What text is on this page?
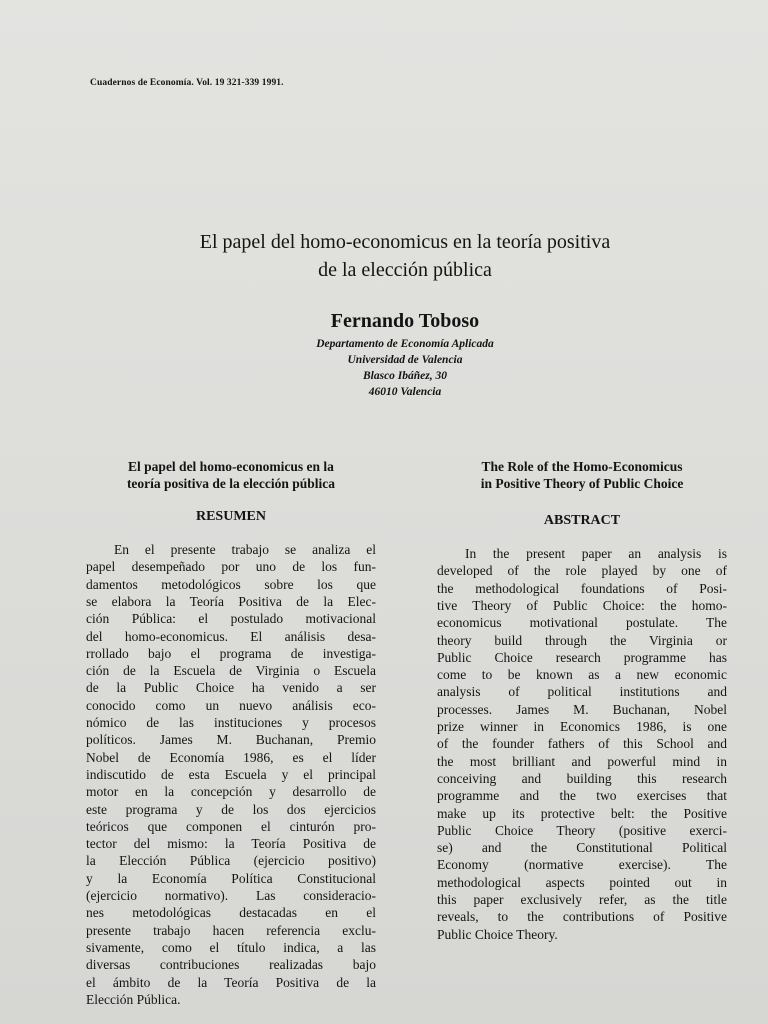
Cuadernos de Economía. Vol. 19 321-339 1991.
El papel del homo-economicus en la teoría positiva
de la elección pública
Fernando Toboso
Departamento de Economía Aplicada
Universidad de Valencia
Blasco Ibáñez, 30
46010 Valencia
El papel del homo-economicus en la
teoría positiva de la elección pública
RESUMEN
En el presente trabajo se analiza el
papel desempeñado por uno de los fun-
damentos metodológicos sobre los que
se elabora la Teoría Positiva de la Elec-
ción Pública: el postulado motivacional
del homo-economicus. El análisis desa-
rrollado bajo el programa de investiga-
ción de la Escuela de Virginia o Escuela
de la Public Choice ha venido a ser
conocido como un nuevo análisis eco-
nómico de las instituciones y procesos
políticos. James M. Buchanan, Premio
Nobel de Economía 1986, es el líder
indiscutido de esta Escuela y el principal
motor en la concepción y desarrollo de
este programa y de los dos ejercicios
teóricos que componen el cinturón pro-
tector del mismo: la Teoría Positiva de
la Elección Pública (ejercicio positivo)
y la Economía Política Constitucional
(ejercicio normativo). Las consideracio-
nes metodológicas destacadas en el
presente trabajo hacen referencia exclu-
sivamente, como el título indica, a las
diversas contribuciones realizadas bajo
el ámbito de la Teoría Positiva de la
Elección Pública.
The Role of the Homo-Economicus
in Positive Theory of Public Choice
ABSTRACT
In the present paper an analysis is
developed of the role played by one of
the methodological foundations of Posi-
tive Theory of Public Choice: the homo-
economicus motivational postulate. The
theory build through the Virginia or
Public Choice research programme has
come to be known as a new economic
analysis of political institutions and
processes. James M. Buchanan, Nobel
prize winner in Economics 1986, is one
of the founder fathers of this School and
the most brilliant and powerful mind in
conceiving and building this research
programme and the two exercises that
make up its protective belt: the Positive
Public Choice Theory (positive exerci-
se) and the Constitutional Political
Economy (normative exercise). The
methodological aspects pointed out in
this paper exclusively refer, as the title
reveals, to the contributions of Positive
Public Choice Theory.
